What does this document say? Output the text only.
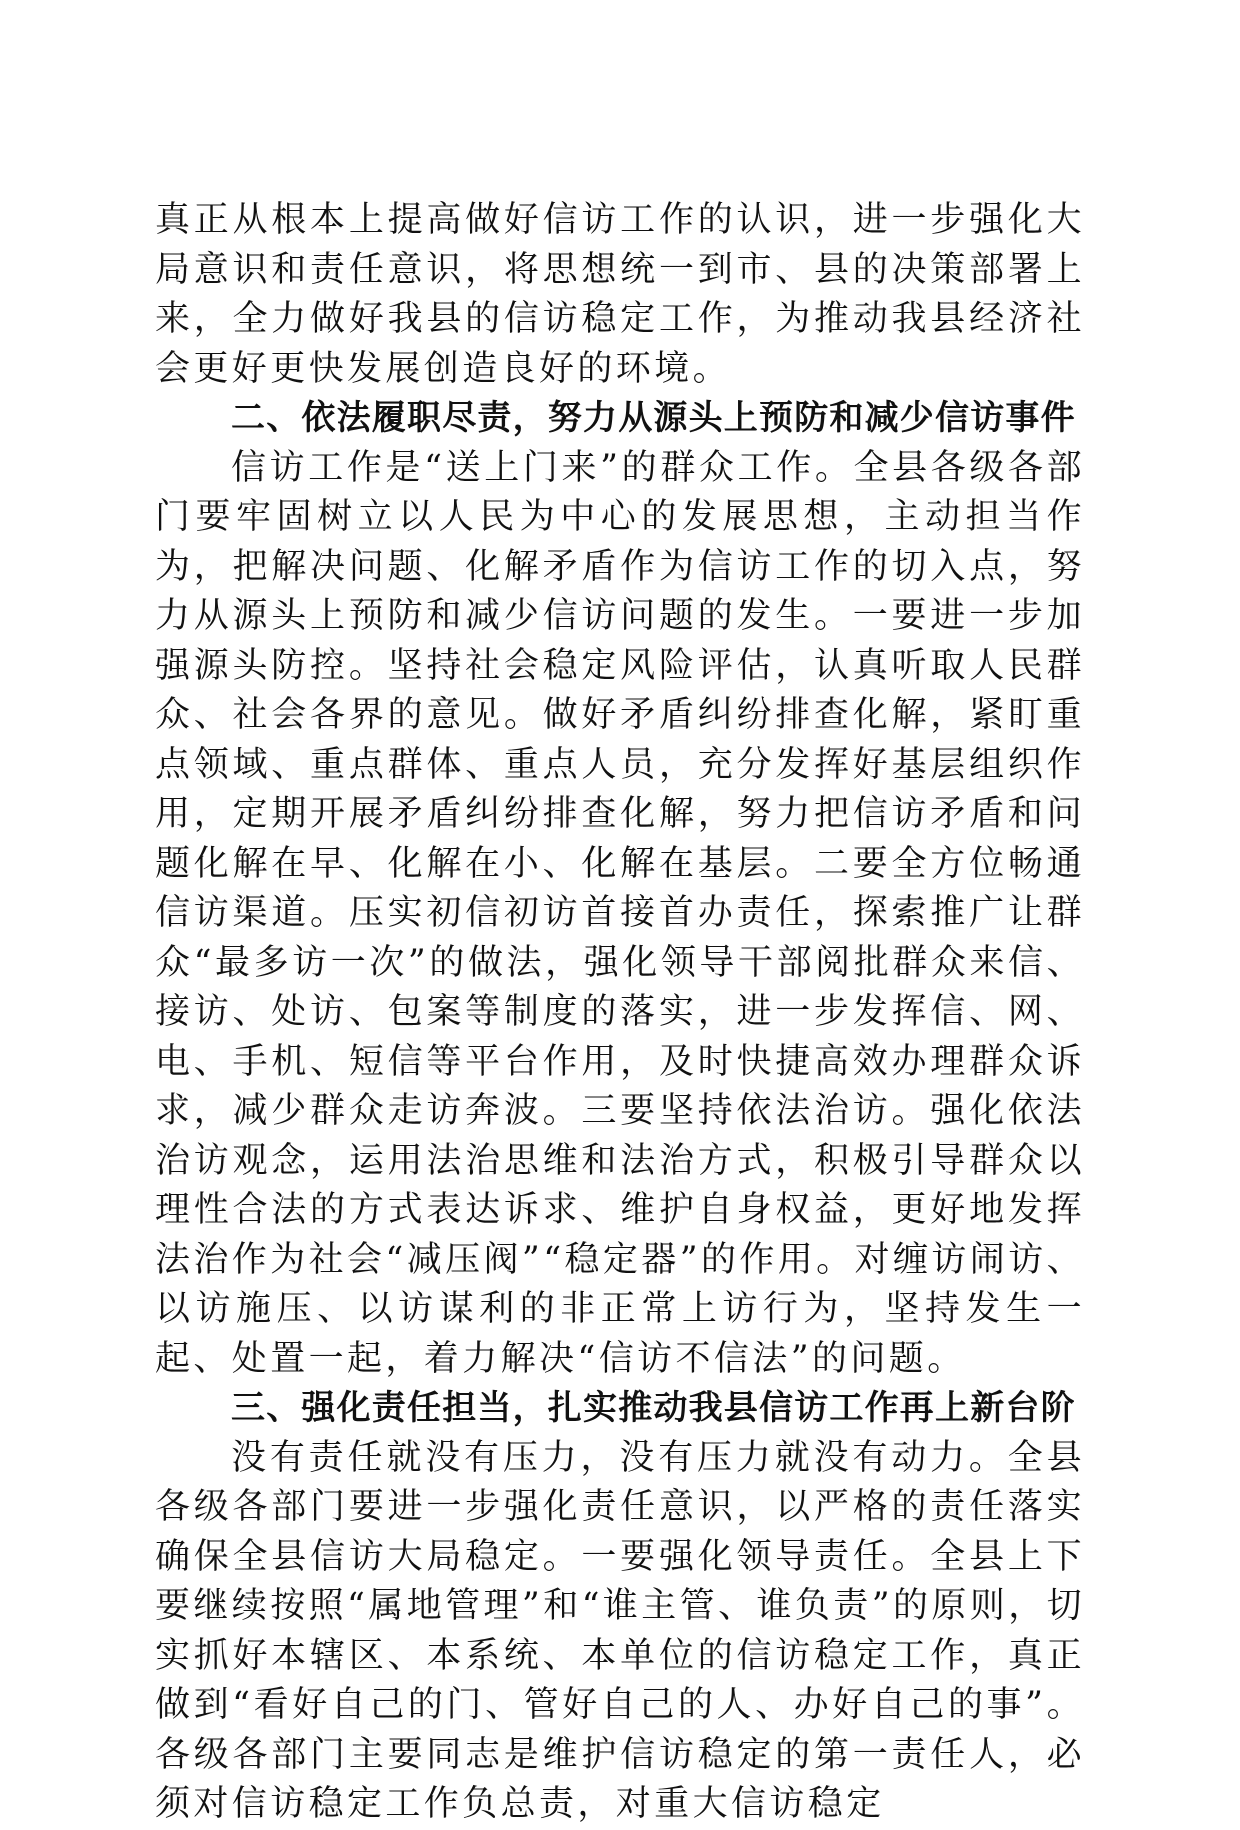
真正从根本上提高做好信访工作的认识，进一步强化大局意识和责任意识，将思想统一到市、县的决策部署上来，全力做好我县的信访稳定工作，为推动我县经济社会更好更快发展创造良好的环境。

二、依法履职尽责，努力从源头上预防和减少信访事件

信访工作是“送上门来”的群众工作。全县各级各部门要牢固树立以人民为中心的发展思想，主动担当作为，把解决问题、化解矛盾作为信访工作的切入点，努力从源头上预防和减少信访问题的发生。一要进一步加强源头防控。坚持社会稳定风险评估，认真听取人民群众、社会各界的意见。做好矛盾纠纷排查化解，紧盯重点领域、重点群体、重点人员，充分发挥好基层组织作用，定期开展矛盾纠纷排查化解，努力把信访矛盾和问题化解在早、化解在小、化解在基层。二要全方位畅通信访渠道。压实初信初访首接首办责任，探索推广让群众“最多访一次”的做法，强化领导干部阅批群众来信、接访、处访、包案等制度的落实，进一步发挥信、网、电、手机、短信等平台作用，及时快捷高效办理群众诉求，减少群众走访奔波。三要坚持依法治访。强化依法治访观念，运用法治思维和法治方式，积极引导群众以理性合法的方式表达诉求、维护自身权益，更好地发挥法治作为社会“减压阀”“稳定器”的作用。对缠访闹访、以访施压、以访谋利的非正常上访行为，坚持发生一起、处置一起，着力解决“信访不信法”的问题。

三、强化责任担当，扎实推动我县信访工作再上新台阶

没有责任就没有压力，没有压力就没有动力。全县各级各部门要进一步强化责任意识，以严格的责任落实确保全县信访大局稳定。一要强化领导责任。全县上下要继续按照“属地管理”和“谁主管、谁负责”的原则，切实抓好本辖区、本系统、本单位的信访稳定工作，真正做到“看好自己的门、管好自己的人、办好自己的事”。各级各部门主要同志是维护信访稳定的第一责任人，必须对信访稳定工作负总责，对重大信访稳定
